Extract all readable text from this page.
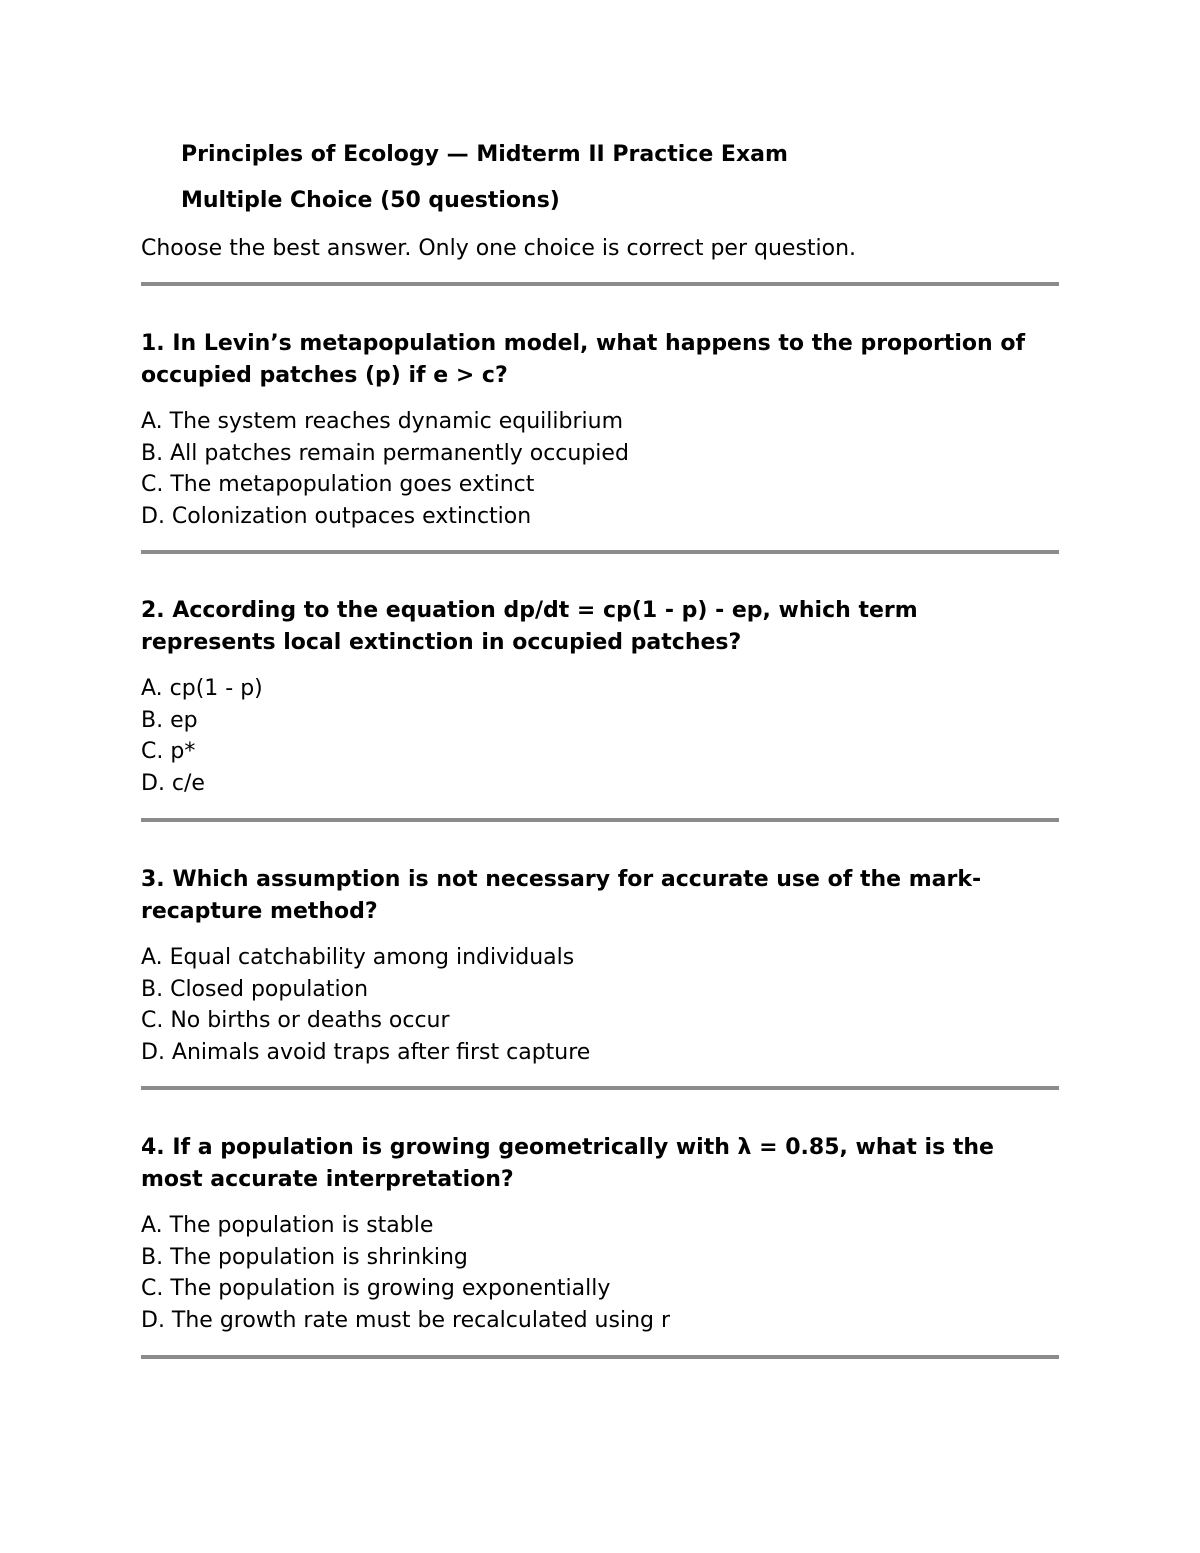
Principles of Ecology — Midterm II Practice Exam
Multiple Choice (50 questions)
Choose the best answer. Only one choice is correct per question.

1. In Levin’s metapopulation model, what happens to the proportion of occupied patches (p) if e > c?

A. The system reaches dynamic equilibrium
B. All patches remain permanently occupied
C. The metapopulation goes extinct
D. Colonization outpaces extinction

2. According to the equation dp/dt = cp(1 - p) - ep, which term represents local extinction in occupied patches?

A. cp(1 - p)
B. ep
C. p*
D. c/e

3. Which assumption is not necessary for accurate use of the mark-recapture method?

A. Equal catchability among individuals
B. Closed population
C. No births or deaths occur
D. Animals avoid traps after first capture

4. If a population is growing geometrically with λ = 0.85, what is the most accurate interpretation?

A. The population is stable
B. The population is shrinking
C. The population is growing exponentially
D. The growth rate must be recalculated using r
